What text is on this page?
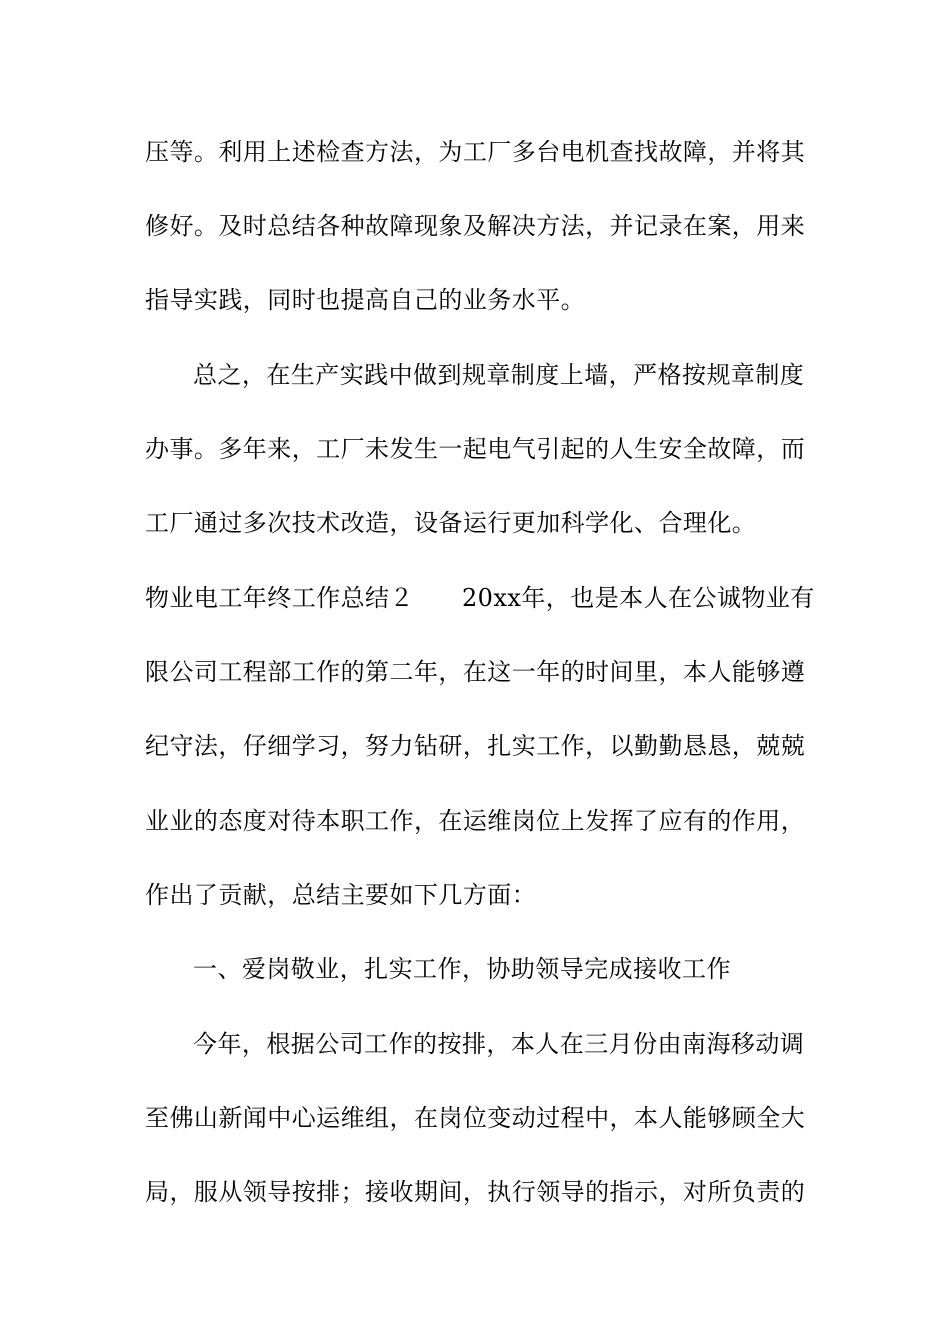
压等。利用上述检查方法，为工厂多台电机查找故障，并将其
修好。及时总结各种故障现象及解决方法，并记录在案，用来
指导实践，同时也提高自己的业务水平。
总之，在生产实践中做到规章制度上墙，严格按规章制度
办事。多年来，工厂未发生一起电气引起的人生安全故障，而
工厂通过多次技术改造，设备运行更加科学化、合理化。
物业电工年终工作总结２ 20xx年，也是本人在公诚物业有
限公司工程部工作的第二年，在这一年的时间里，本人能够遵
纪守法，仔细学习，努力钻研，扎实工作，以勤勤恳恳，兢兢
业业的态度对待本职工作，在运维岗位上发挥了应有的作用，
作出了贡献，总结主要如下几方面：
一、爱岗敬业，扎实工作，协助领导完成接收工作
今年，根据公司工作的按排，本人在三月份由南海移动调
至佛山新闻中心运维组，在岗位变动过程中，本人能够顾全大
局，服从领导按排；接收期间，执行领导的指示，对所负责的
